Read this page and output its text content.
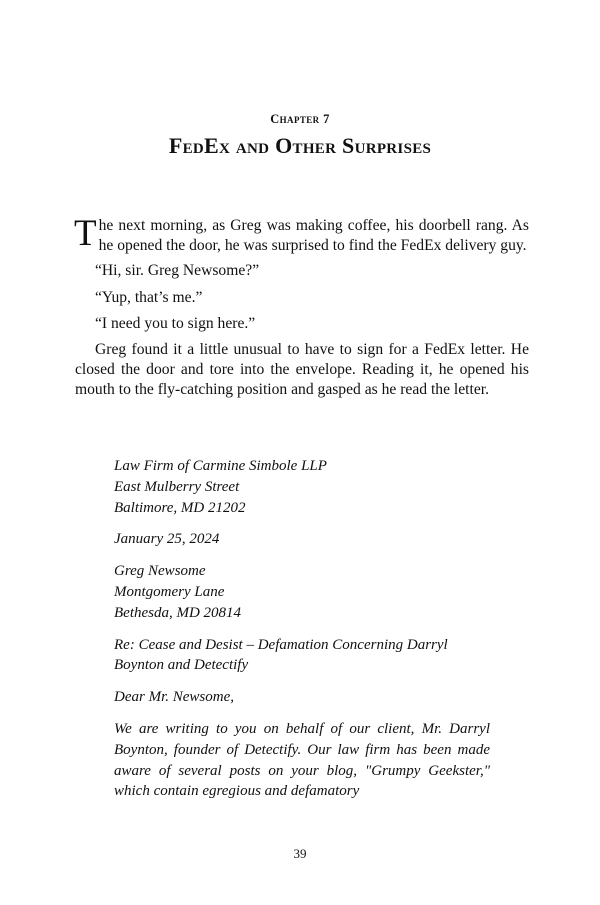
Chapter 7
FedEx and Other Surprises

The next morning, as Greg was making coffee, his doorbell rang. As he opened the door, he was surprised to find the FedEx delivery guy.

“Hi, sir. Greg Newsome?”

“Yup, that’s me.”

“I need you to sign here.”

Greg found it a little unusual to have to sign for a FedEx letter. He closed the door and tore into the envelope. Reading it, he opened his mouth to the fly-catching position and gasped as he read the letter.

Law Firm of Carmine Simbole LLP

East Mulberry Street

Baltimore, MD 21202

January 25, 2024

Greg Newsome

Montgomery Lane

Bethesda, MD 20814

Re: Cease and Desist – Defamation Concerning Darryl

Boynton and Detectify

Dear Mr. Newsome,

We are writing to you on behalf of our client, Mr. Darryl Boynton, founder of Detectify. Our law firm has been made aware of several posts on your blog, "Grumpy Geekster," which contain egregious and defamatory

39
